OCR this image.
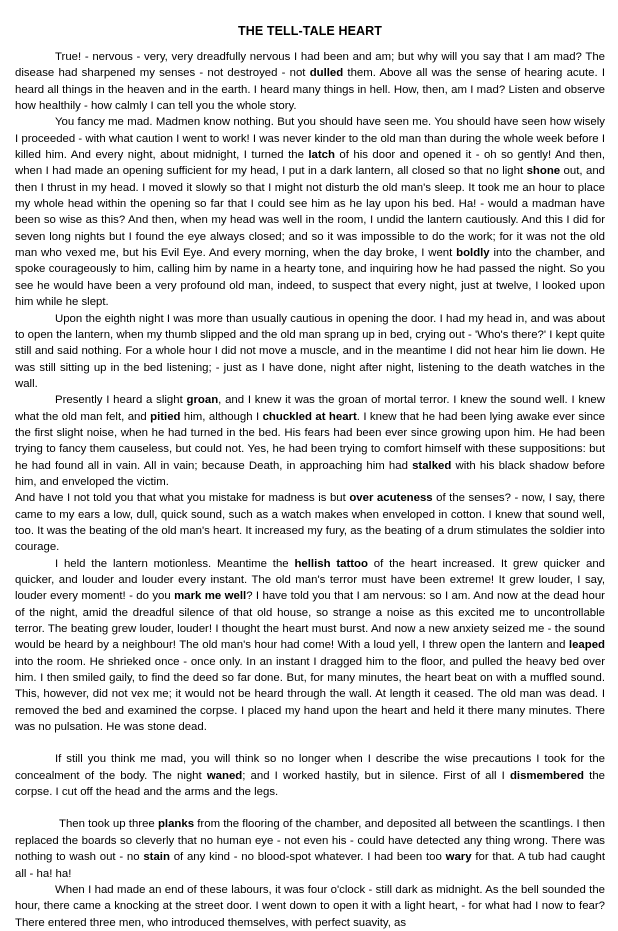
THE TELL-TALE HEART

True! - nervous - very, very dreadfully nervous I had been and am; but why will you say that I am mad? The disease had sharpened my senses - not destroyed - not dulled them. Above all was the sense of hearing acute. I heard all things in the heaven and in the earth. I heard many things in hell. How, then, am I mad? Listen and observe how healthily - how calmly I can tell you the whole story.

You fancy me mad. Madmen know nothing. But you should have seen me. You should have seen how wisely I proceeded - with what caution I went to work! I was never kinder to the old man than during the whole week before I killed him. And every night, about midnight, I turned the latch of his door and opened it - oh so gently! And then, when I had made an opening sufficient for my head, I put in a dark lantern, all closed so that no light shone out, and then I thrust in my head. I moved it slowly so that I might not disturb the old man's sleep. It took me an hour to place my whole head within the opening so far that I could see him as he lay upon his bed. Ha! - would a madman have been so wise as this? And then, when my head was well in the room, I undid the lantern cautiously. And this I did for seven long nights but I found the eye always closed; and so it was impossible to do the work; for it was not the old man who vexed me, but his Evil Eye. And every morning, when the day broke, I went boldly into the chamber, and spoke courageously to him, calling him by name in a hearty tone, and inquiring how he had passed the night. So you see he would have been a very profound old man, indeed, to suspect that every night, just at twelve, I looked upon him while he slept.

Upon the eighth night I was more than usually cautious in opening the door. I had my head in, and was about to open the lantern, when my thumb slipped and the old man sprang up in bed, crying out - 'Who's there?' I kept quite still and said nothing. For a whole hour I did not move a muscle, and in the meantime I did not hear him lie down. He was still sitting up in the bed listening; - just as I have done, night after night, listening to the death watches in the wall.

Presently I heard a slight groan, and I knew it was the groan of mortal terror. I knew the sound well. I knew what the old man felt, and pitied him, although I chuckled at heart. I knew that he had been lying awake ever since the first slight noise, when he had turned in the bed. His fears had been ever since growing upon him. He had been trying to fancy them causeless, but could not. Yes, he had been trying to comfort himself with these suppositions: but he had found all in vain. All in vain; because Death, in approaching him had stalked with his black shadow before him, and enveloped the victim.

And have I not told you that what you mistake for madness is but over acuteness of the senses? - now, I say, there came to my ears a low, dull, quick sound, such as a watch makes when enveloped in cotton. I knew that sound well, too. It was the beating of the old man's heart. It increased my fury, as the beating of a drum stimulates the soldier into courage.

I held the lantern motionless. Meantime the hellish tattoo of the heart increased. It grew quicker and quicker, and louder and louder every instant. The old man's terror must have been extreme! It grew louder, I say, louder every moment! - do you mark me well? I have told you that I am nervous: so I am. And now at the dead hour of the night, amid the dreadful silence of that old house, so strange a noise as this excited me to uncontrollable terror. The beating grew louder, louder! I thought the heart must burst. And now a new anxiety seized me - the sound would be heard by a neighbour! The old man's hour had come! With a loud yell, I threw open the lantern and leaped into the room. He shrieked once - once only. In an instant I dragged him to the floor, and pulled the heavy bed over him. I then smiled gaily, to find the deed so far done. But, for many minutes, the heart beat on with a muffled sound. This, however, did not vex me; it would not be heard through the wall. At length it ceased. The old man was dead. I removed the bed and examined the corpse. I placed my hand upon the heart and held it there many minutes. There was no pulsation. He was stone dead.

If still you think me mad, you will think so no longer when I describe the wise precautions I took for the concealment of the body. The night waned; and I worked hastily, but in silence. First of all I dismembered the corpse. I cut off the head and the arms and the legs.

Then took up three planks from the flooring of the chamber, and deposited all between the scantlings. I then replaced the boards so cleverly that no human eye - not even his - could have detected any thing wrong. There was nothing to wash out - no stain of any kind - no blood-spot whatever. I had been too wary for that. A tub had caught all - ha! ha!

When I had made an end of these labours, it was four o'clock - still dark as midnight. As the bell sounded the hour, there came a knocking at the street door. I went down to open it with a light heart, - for what had I now to fear? There entered three men, who introduced themselves, with perfect suavity, as
